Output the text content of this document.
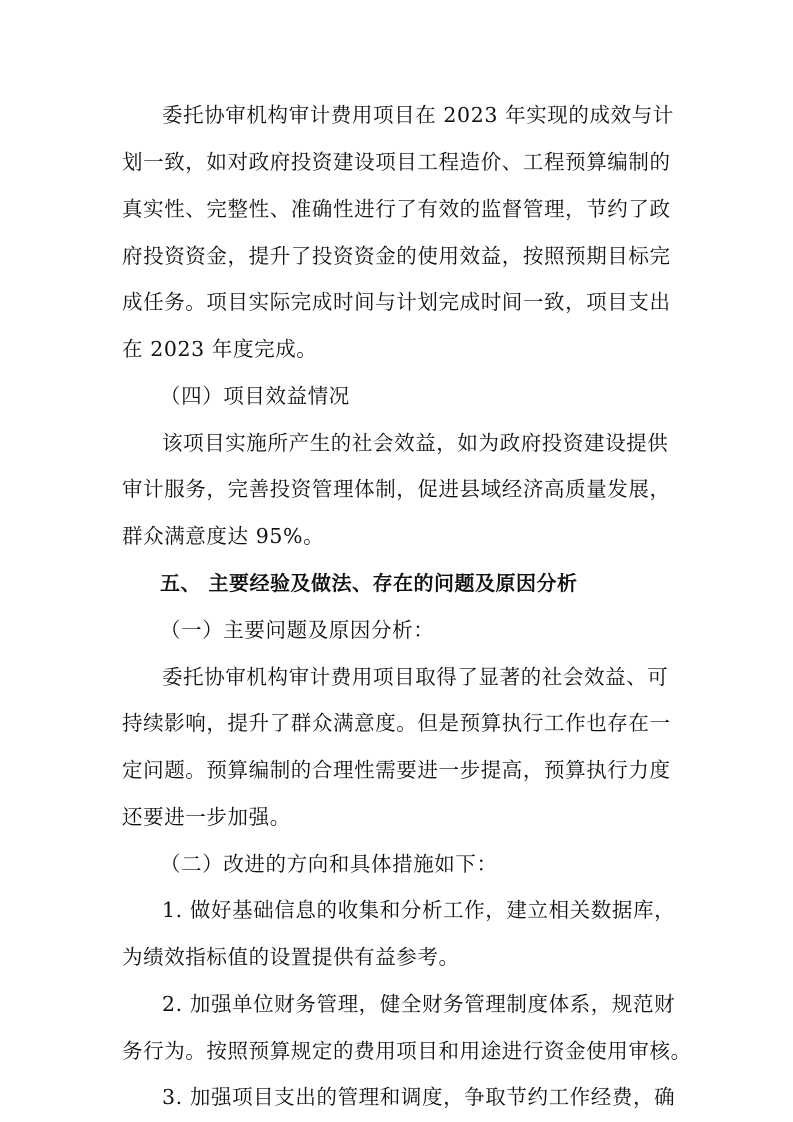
委托协审机构审计费用项目在 2023 年实现的成效与计
划一致，如对政府投资建设项目工程造价、工程预算编制的
真实性、完整性、准确性进行了有效的监督管理，节约了政
府投资资金，提升了投资资金的使用效益，按照预期目标完
成任务。项目实际完成时间与计划完成时间一致，项目支出
在 2023 年度完成。
（四）项目效益情况
该项目实施所产生的社会效益，如为政府投资建设提供
审计服务，完善投资管理体制，促进县域经济高质量发展，
群众满意度达 95%。
五、 主要经验及做法、存在的问题及原因分析
（一）主要问题及原因分析：
委托协审机构审计费用项目取得了显著的社会效益、可
持续影响，提升了群众满意度。但是预算执行工作也存在一
定问题。预算编制的合理性需要进一步提高，预算执行力度
还要进一步加强。
（二）改进的方向和具体措施如下：
1. 做好基础信息的收集和分析工作，建立相关数据库，
为绩效指标值的设置提供有益参考。
2. 加强单位财务管理，健全财务管理制度体系，规范财
务行为。按照预算规定的费用项目和用途进行资金使用审核。
3. 加强项目支出的管理和调度，争取节约工作经费，确
